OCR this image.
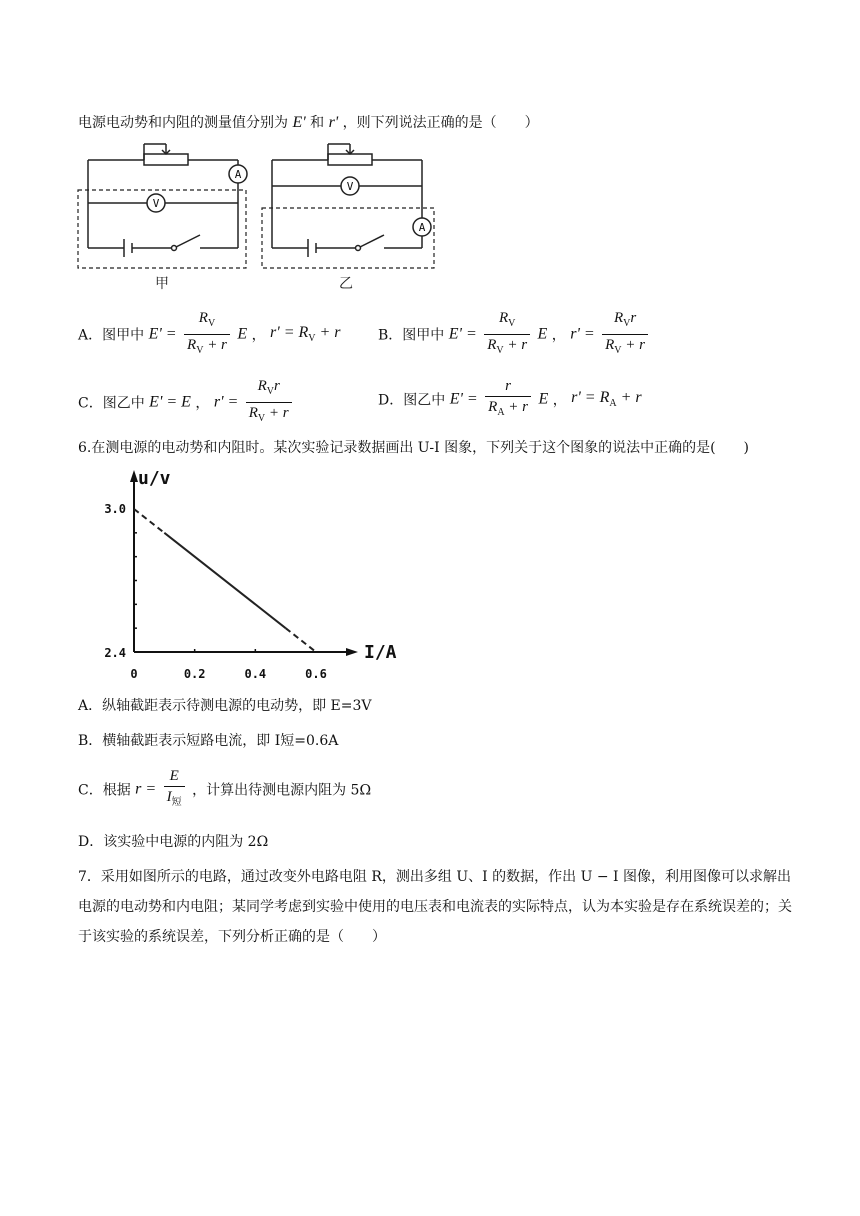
电源电动势和内阻的测量值分别为 E' 和 r' ，则下列说法正确的是（　　）
A
V
V
A
甲	乙
A．图甲中 $E' = \frac{R_V}{R_V + r}$ E ， $r' = R_V + r$	B．图甲中 $E' = \frac{R_V}{R_V + r}$ E ， $r' = \frac{R_Vr}{R_V + r}$
C．图乙中 E' = E ， $r' = \frac{R_Vr}{R_V + r}$	D．图乙中 $E' = \frac{r}{R_A + r}$ E ， $r' = R_A + r$
6.在测电源的电动势和内阻时。某次实验记录数据画出 U-I 图象，下列关于这个图象的说法中正确的是(　　)
u/v
I/A
3.0
2.4
0	0.2	0.4	0.6
A．纵轴截距表示待测电源的电动势，即 E=3V
B．横轴截距表示短路电流，即 I短=0.6A
C．根据 $r = \frac{E}{I_短}$ ，计算出待测电源内阻为 5Ω
D．该实验中电源的内阻为 2Ω
7．采用如图所示的电路，通过改变外电路电阻 R，测出多组 U、I 的数据，作出 U − I 图像，利用图像可以求解出电源的电动势和内电阻；某同学考虑到实验中使用的电压表和电流表的实际特点，认为本实验是存在系统误差的；关于该实验的系统误差，下列分析正确的是（　　）
